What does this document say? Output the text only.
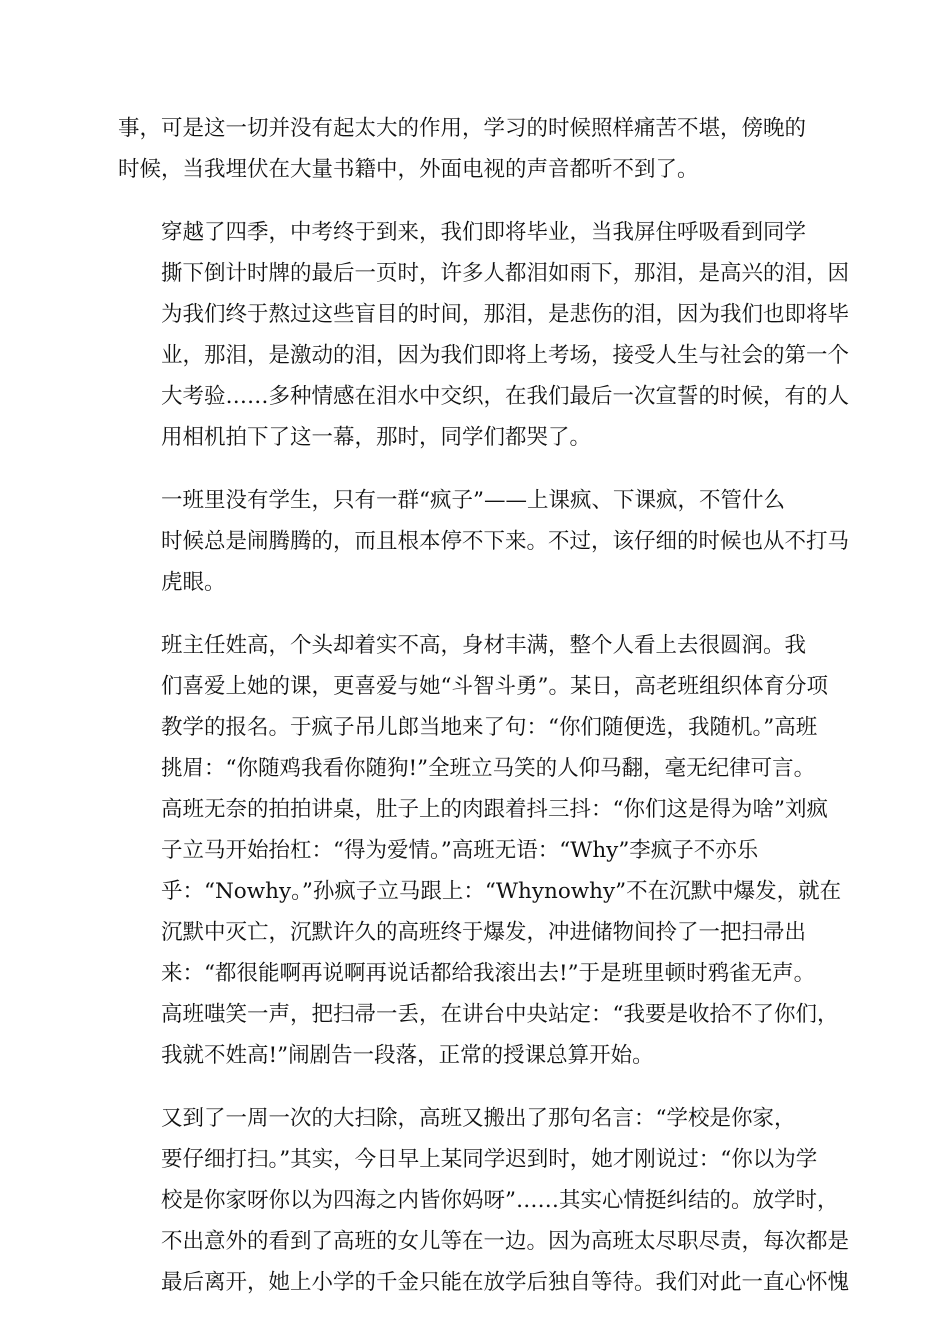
事，可是这一切并没有起太大的作用，学习的时候照样痛苦不堪，傍晚的
时候，当我埋伏在大量书籍中，外面电视的声音都听不到了。

穿越了四季，中考终于到来，我们即将毕业，当我屏住呼吸看到同学
撕下倒计时牌的最后一页时，许多人都泪如雨下，那泪，是高兴的泪，因
为我们终于熬过这些盲目的时间，那泪，是悲伤的泪，因为我们也即将毕
业，那泪，是激动的泪，因为我们即将上考场，接受人生与社会的第一个
大考验……多种情感在泪水中交织，在我们最后一次宣誓的时候，有的人
用相机拍下了这一幕，那时，同学们都哭了。

一班里没有学生，只有一群“疯子”——上课疯、下课疯，不管什么
时候总是闹腾腾的，而且根本停不下来。不过，该仔细的时候也从不打马
虎眼。

班主任姓高，个头却着实不高，身材丰满，整个人看上去很圆润。我
们喜爱上她的课，更喜爱与她“斗智斗勇”。某日，高老班组织体育分项
教学的报名。于疯子吊儿郎当地来了句：“你们随便选，我随机。”高班
挑眉：“你随鸡我看你随狗!”全班立马笑的人仰马翻，毫无纪律可言。
高班无奈的拍拍讲桌，肚子上的肉跟着抖三抖：“你们这是得为啥”刘疯
子立马开始抬杠：“得为爱情。”高班无语：“Why”李疯子不亦乐
乎：“Nowhy。”孙疯子立马跟上：“Whynowhy”不在沉默中爆发，就在
沉默中灭亡，沉默许久的高班终于爆发，冲进储物间拎了一把扫帚出
来：“都很能啊再说啊再说话都给我滚出去!”于是班里顿时鸦雀无声。
高班嗤笑一声，把扫帚一丢，在讲台中央站定：“我要是收拾不了你们，
我就不姓高!”闹剧告一段落，正常的授课总算开始。

又到了一周一次的大扫除，高班又搬出了那句名言：“学校是你家，
要仔细打扫。”其实，今日早上某同学迟到时，她才刚说过：“你以为学
校是你家呀你以为四海之内皆你妈呀”……其实心情挺纠结的。放学时，
不出意外的看到了高班的女儿等在一边。因为高班太尽职尽责，每次都是
最后离开，她上小学的千金只能在放学后独自等待。我们对此一直心怀愧
